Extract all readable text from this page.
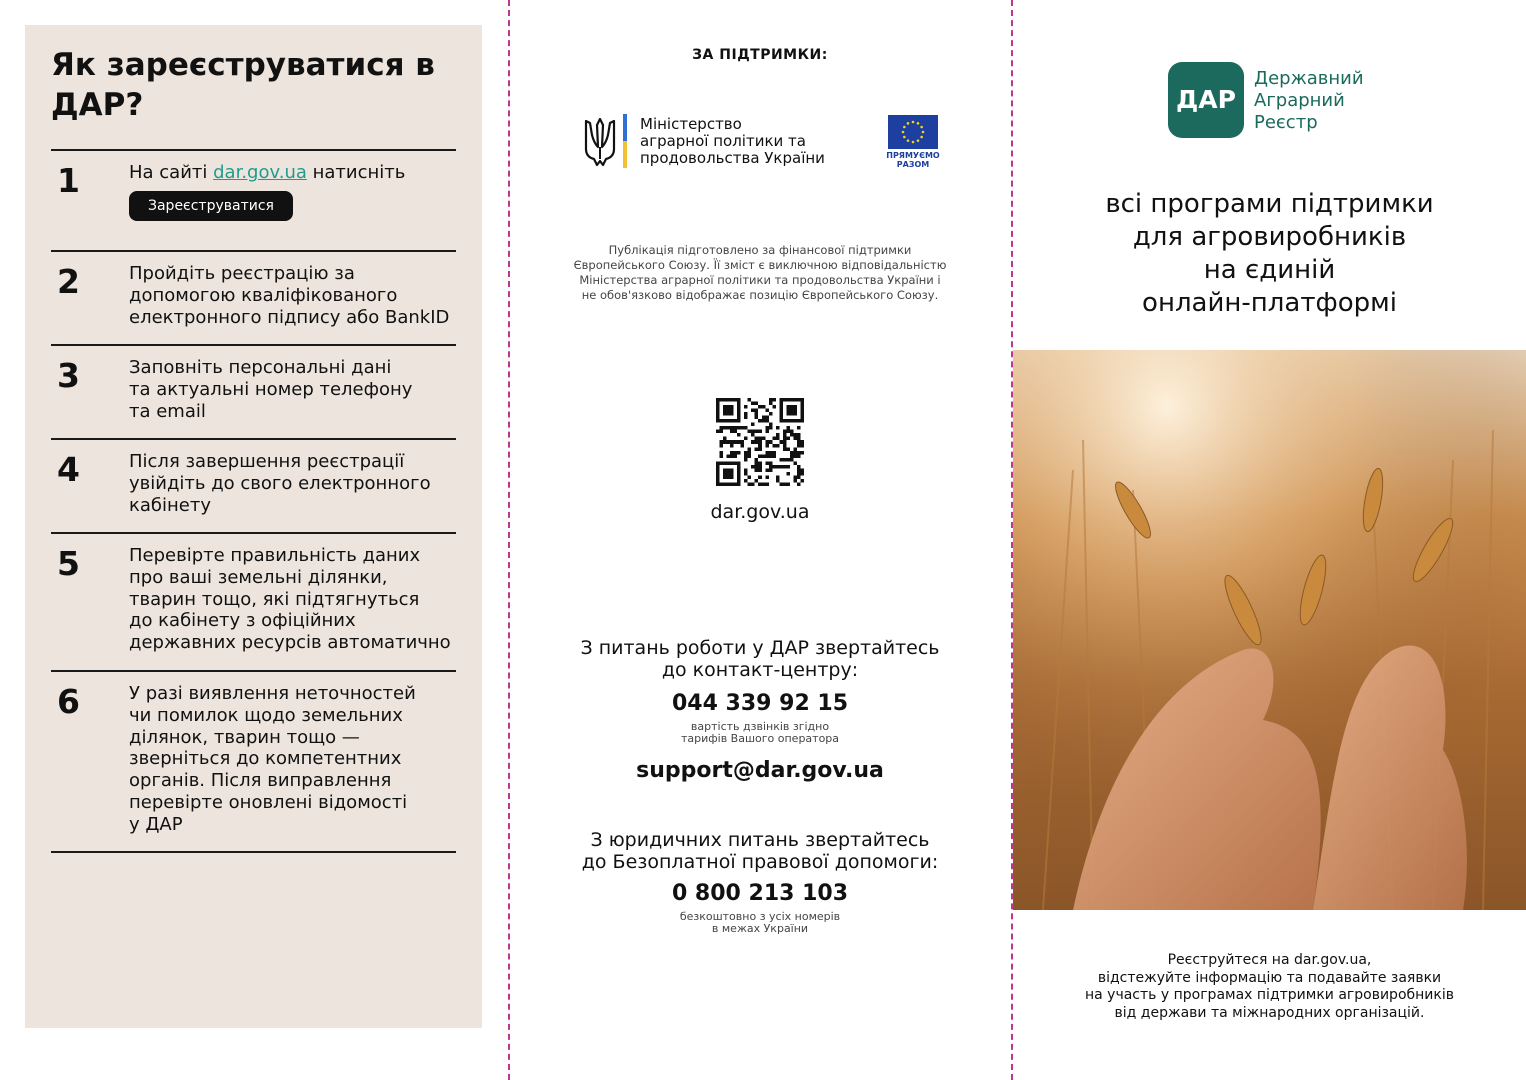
Як зареєструватися в ДАР?
1	На сайті dar.gov.ua натисніть
Зареєструватися
2	Пройдіть реєстрацію за
допомогою кваліфікованого
електронного підпису або BankID
3	Заповніть персональні дані
та актуальні номер телефону
та email
4	Після завершення реєстрації
увійдіть до свого електронного
кабінету
5	Перевірте правильність даних
про ваші земельні ділянки,
тварин тощо, які підтягнуться
до кабінету з офіційних
державних ресурсів автоматично
6	У разі виявлення неточностей
чи помилок щодо земельних
ділянок, тварин тощо —
зверніться до компетентних
органів. Після виправлення
перевірте оновлені відомості
у ДАР
ЗА ПІДТРИМКИ:
Міністерство
аграрної політики та
продовольства України	ПРЯМУЄМО
РАЗОМ
Публікація підготовлено за фінансової підтримки
Європейського Союзу. Її зміст є виключною відповідальністю
Міністерства аграрної політики та продовольства України і
не обов'язково відображає позицію Європейського Союзу.
dar.gov.ua
З питань роботи у ДАР звертайтесь
до контакт-центру:
044 339 92 15
вартість дзвінків згідно
тарифів Вашого оператора
support@dar.gov.ua
З юридичних питань звертайтесь
до Безоплатної правової допомоги:
0 800 213 103
безкоштовно з усіх номерів
в межах України
ДАР
Державний
Аграрний
Реєстр
всі програми підтримки
для агровиробників
на єдиній
онлайн-платформі
Реєструйтеся на dar.gov.ua,
відстежуйте інформацію та подавайте заявки
на участь у програмах підтримки агровиробників
від держави та міжнародних організацій.
